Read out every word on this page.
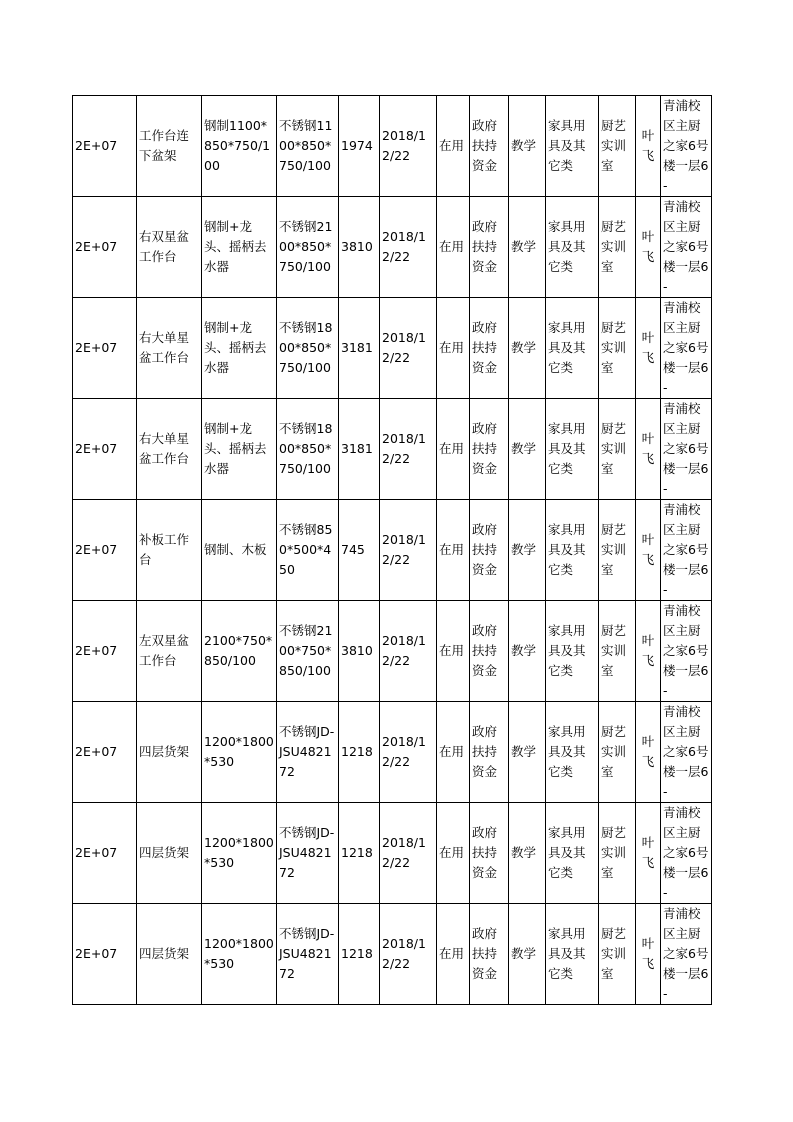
2E+07	工作台连下盆架	钢制1100*850*750/100	不锈钢1100*850*750/100	1974	2018/12/22	在用	政府扶持资金	教学	家具用具及其它类	厨艺实训室	叶飞	青浦校区主厨之家6号楼一层6-
2E+07	右双星盆工作台	钢制+龙头、摇柄去水器	不锈钢2100*850*750/100	3810	2018/12/22	在用	政府扶持资金	教学	家具用具及其它类	厨艺实训室	叶飞	青浦校区主厨之家6号楼一层6-
2E+07	右大单星盆工作台	钢制+龙头、摇柄去水器	不锈钢1800*850*750/100	3181	2018/12/22	在用	政府扶持资金	教学	家具用具及其它类	厨艺实训室	叶飞	青浦校区主厨之家6号楼一层6-
2E+07	右大单星盆工作台	钢制+龙头、摇柄去水器	不锈钢1800*850*750/100	3181	2018/12/22	在用	政府扶持资金	教学	家具用具及其它类	厨艺实训室	叶飞	青浦校区主厨之家6号楼一层6-
2E+07	补板工作台	钢制、木板	不锈钢850*500*450	745	2018/12/22	在用	政府扶持资金	教学	家具用具及其它类	厨艺实训室	叶飞	青浦校区主厨之家6号楼一层6-
2E+07	左双星盆工作台	2100*750*850/100	不锈钢2100*750*850/100	3810	2018/12/22	在用	政府扶持资金	教学	家具用具及其它类	厨艺实训室	叶飞	青浦校区主厨之家6号楼一层6-
2E+07	四层货架	1200*1800*530	不锈钢JD-JSU482172	1218	2018/12/22	在用	政府扶持资金	教学	家具用具及其它类	厨艺实训室	叶飞	青浦校区主厨之家6号楼一层6-
2E+07	四层货架	1200*1800*530	不锈钢JD-JSU482172	1218	2018/12/22	在用	政府扶持资金	教学	家具用具及其它类	厨艺实训室	叶飞	青浦校区主厨之家6号楼一层6-
2E+07	四层货架	1200*1800*530	不锈钢JD-JSU482172	1218	2018/12/22	在用	政府扶持资金	教学	家具用具及其它类	厨艺实训室	叶飞	青浦校区主厨之家6号楼一层6-
